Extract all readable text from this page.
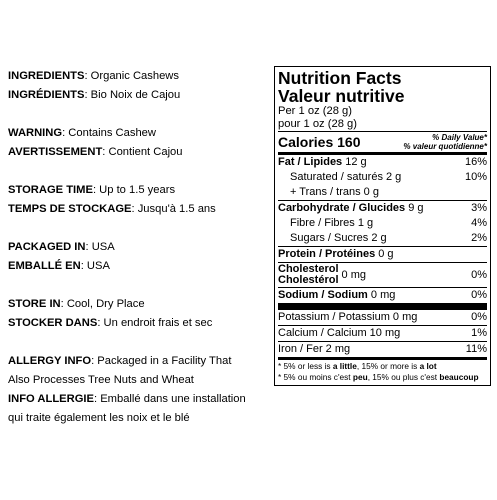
INGREDIENTS: Organic Cashews
INGRÉDIENTS: Bio Noix de Cajou
WARNING: Contains Cashew
AVERTISSEMENT: Contient Cajou
STORAGE TIME: Up to 1.5 years
TEMPS DE STOCKAGE: Jusqu'à 1.5 ans
PACKAGED IN: USA
EMBALLÉ EN: USA
STORE IN: Cool, Dry Place
STOCKER DANS: Un endroit frais et sec
ALLERGY INFO: Packaged in a Facility That
Also Processes Tree Nuts and Wheat
INFO ALLERGIE: Emballé dans une installation
qui traite également les noix et le blé
Nutrition Facts
Valeur nutritive
Per 1 oz (28 g)
pour 1 oz (28 g)
Calories 160	% Daily Value*
% valeur quotidienne*
Fat / Lipides 12 g	16%
Saturated / saturés 2 g	10%
+ Trans / trans 0 g
Carbohydrate / Glucides 9 g	3%
Fibre / Fibres 1 g	4%
Sugars / Sucres 2 g	2%
Protein / Protéines 0 g
Cholesterol
Cholestérol 0 mg	0%
Sodium / Sodium 0 mg	0%
Potassium / Potassium 0 mg	0%
Calcium / Calcium 10 mg	1%
Iron / Fer 2 mg	11%
* 5% or less is a little, 15% or more is a lot
* 5% ou moins c'est peu, 15% ou plus c'est beaucoup
